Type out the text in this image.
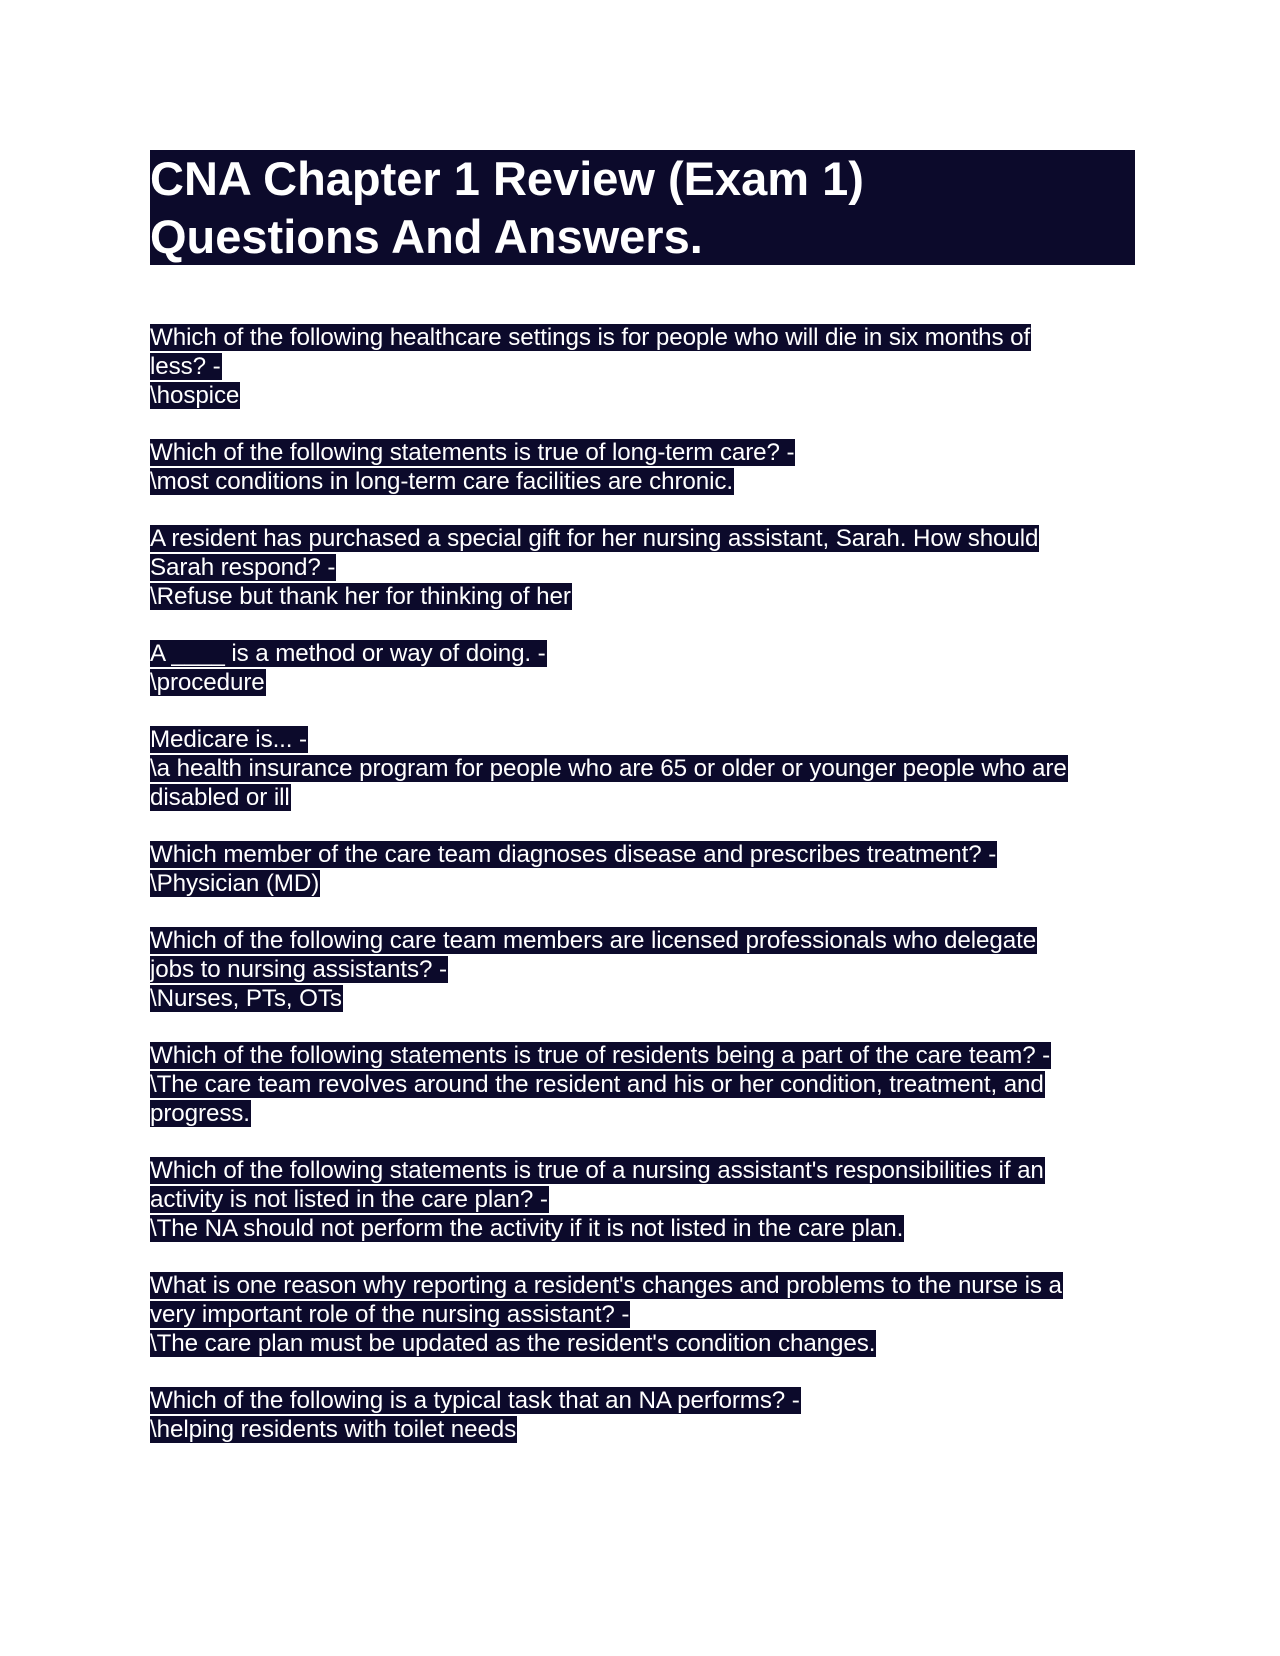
CNA Chapter 1 Review (Exam 1)
Questions And Answers.
Which of the following healthcare settings is for people who will die in six months of
less? -
\hospice
Which of the following statements is true of long-term care? -
\most conditions in long-term care facilities are chronic.
A resident has purchased a special gift for her nursing assistant, Sarah. How should
Sarah respond? -
\Refuse but thank her for thinking of her
A ____ is a method or way of doing. -
\procedure
Medicare is... -
\a health insurance program for people who are 65 or older or younger people who are
disabled or ill
Which member of the care team diagnoses disease and prescribes treatment? -
\Physician (MD)
Which of the following care team members are licensed professionals who delegate
jobs to nursing assistants? -
\Nurses, PTs, OTs
Which of the following statements is true of residents being a part of the care team? -
\The care team revolves around the resident and his or her condition, treatment, and
progress.
Which of the following statements is true of a nursing assistant's responsibilities if an
activity is not listed in the care plan? -
\The NA should not perform the activity if it is not listed in the care plan.
What is one reason why reporting a resident's changes and problems to the nurse is a
very important role of the nursing assistant? -
\The care plan must be updated as the resident's condition changes.
Which of the following is a typical task that an NA performs? -
\helping residents with toilet needs
